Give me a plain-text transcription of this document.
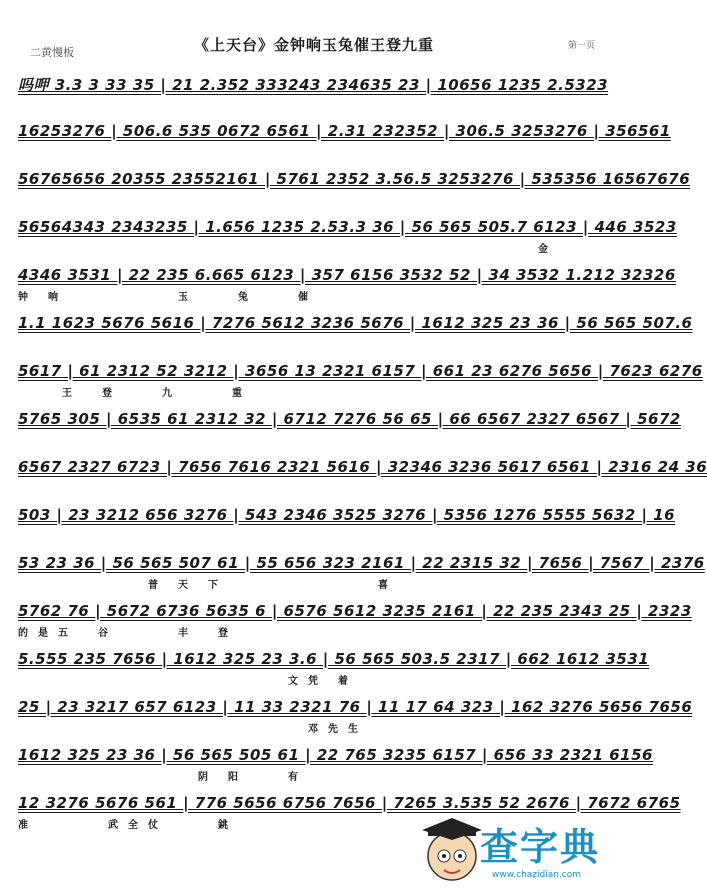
二黄慢板	《上天台》金钟响玉兔催王登九重	第一页
吗呷 3.3 3 33 35 | 21 2.352 333243 234635 23 | 10656 1235 2.5323
16253276 | 506.6 535 0672 6561 | 2.31 232352 | 306.5 3253276 | 356561
56765656 20355 23552161 | 5761 2352 3.56.5 3253276 | 535356 16567676
56564343 2343235 | 1.656 1235 2.53.3 36 | 56 565 505.7 6123 | 446 3523
金
4346 3531 | 22 235 6.665 6123 | 357 6156 3532 52 | 34 3532 1.212 32326
钟　　响　　　　　　　　　　　　玉　　　　　兔　　　　　催
1.1 1623 5676 5616 | 7276 5612 3236 5676 | 1612 325 23 36 | 56 565 507.6
5617 | 61 2312 52 3212 | 3656 13 2321 6157 | 661 23 6276 5656 | 7623 6276
王　　　登　　　　　九　　　　　　重
5765 305 | 6535 61 2312 32 | 6712 7276 56 65 | 66 6567 2327 6567 | 5672
6567 2327 6723 | 7656 7616 2321 5616 | 32346 3236 5617 6561 | 2316 24 36
503 | 23 3212 656 3276 | 543 2346 3525 3276 | 5356 1276 5555 5632 | 16
53 23 36 | 56 565 507 61 | 55 656 323 2161 | 22 2315 32 | 7656 | 7567 | 2376
　　　　　　　　　　　　　普　　天　　下　　　　　　　　　　　　　　　　喜
5762 76 | 5672 6736 5635 6 | 6576 5612 3235 2161 | 22 235 2343 25 | 2323
的　是　五　　　谷　　　　　　　丰　　　登
5.555 235 7656 | 1612 325 23 3.6 | 56 565 503.5 2317 | 662 1612 3531
　　　　　　　　　　　　　　　　　　　　　　　　　　　文　凭　　着
25 | 23 3217 657 6123 | 11 33 2321 76 | 11 17 64 323 | 162 3276 5656 7656
　　　　　　　　　　　邓　先　生
1612 325 23 36 | 56 565 505 61 | 22 765 3235 6157 | 656 33 2321 6156
　　　　　　　　　　　　　　　　　　阴　　阳　　　　　有
12 3276 5676 561 | 776 5656 6756 7656 | 7265 3.535 52 2676 | 7672 6765
准　　　　　　　　武　全　仗　　　　　　銚	查字典
www.chazidian.com
